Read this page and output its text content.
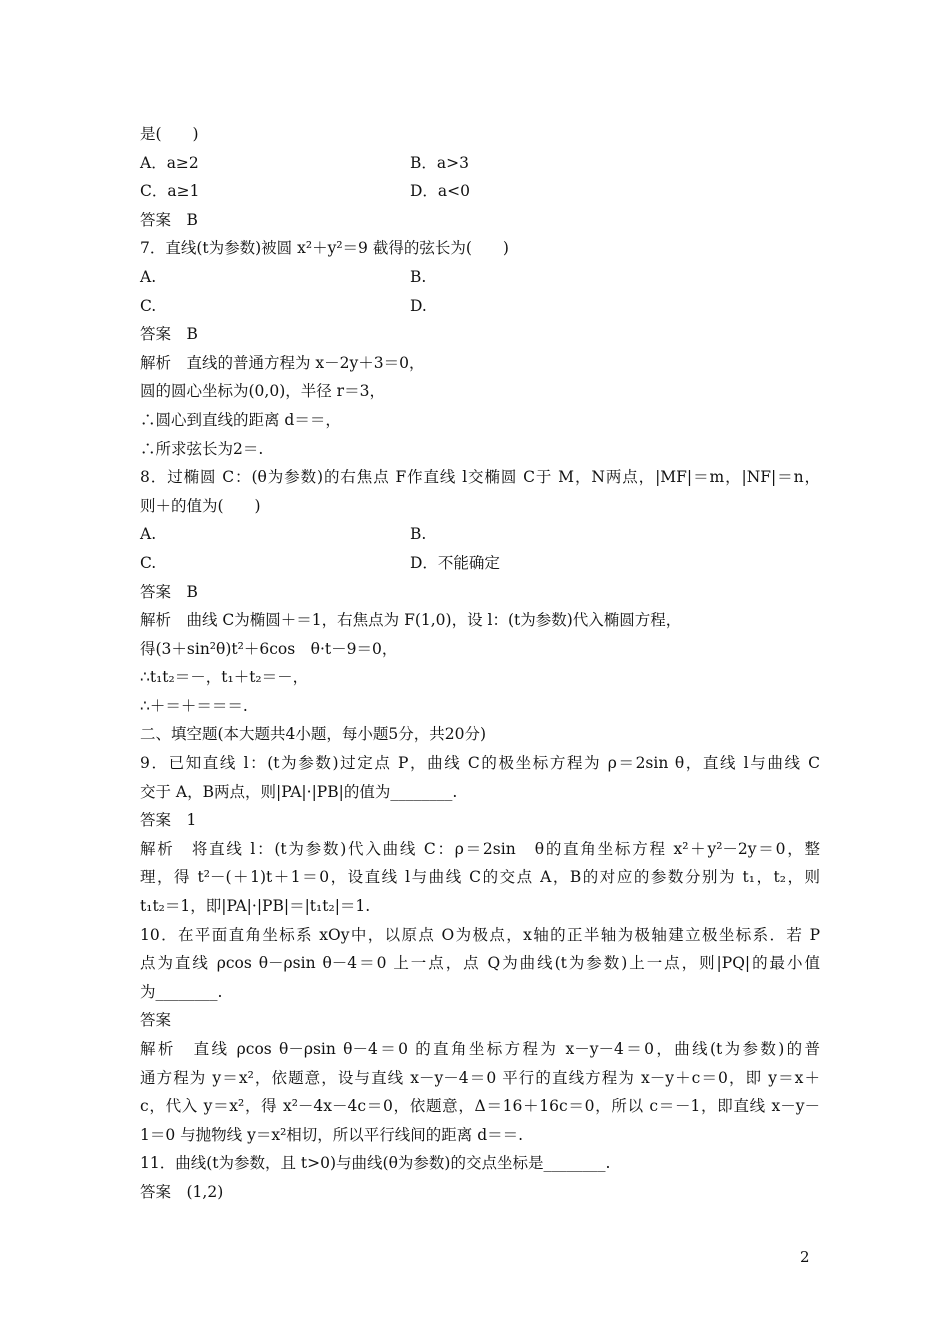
是(　　)
A．a≥2	B．a>3
C．a≥1	D．a<0
答案　B
7．直线(t为参数)被圆 x²＋y²＝9 截得的弦长为(　　)
A.	B.
C.	D.
答案　B
解析　直线的普通方程为 x－2y＋3＝0，
圆的圆心坐标为(0,0)，半径 r＝3，
∴圆心到直线的距离 d＝＝，
∴所求弦长为2＝.
8．过椭圆 C：(θ为参数)的右焦点 F作直线 l交椭圆 C于 M，N两点，|MF|＝m，|NF|＝n，
则＋的值为(　　)
A.	B.
C.	D．不能确定
答案　B
解析　曲线 C为椭圆＋＝1，右焦点为 F(1,0)，设 l：(t为参数)代入椭圆方程，
得(3＋sin²θ)t²＋6cos　θ·t－9＝0，
∴t₁t₂＝－，t₁＋t₂＝－，
∴＋＝＋＝＝＝.
二、填空题(本大题共4小题，每小题5分，共20分)
9．已知直线 l：(t为参数)过定点 P，曲线 C的极坐标方程为 ρ＝2sin θ，直线 l与曲线 C
交于 A，B两点，则|PA|·|PB|的值为________.
答案　1
解析　将直线 l：(t为参数)代入曲线 C：ρ＝2sin　θ的直角坐标方程 x²＋y²－2y＝0，整
理，得 t²－(＋1)t＋1＝0，设直线 l与曲线 C的交点 A，B的对应的参数分别为 t₁，t₂，则
t₁t₂＝1，即|PA|·|PB|＝|t₁t₂|＝1.
10．在平面直角坐标系 xOy中，以原点 O为极点，x轴的正半轴为极轴建立极坐标系．若 P
点为直线 ρcos θ－ρsin θ－4＝0 上一点，点 Q为曲线(t为参数)上一点，则|PQ|的最小值
为________.
答案
解析　直线 ρcos θ－ρsin θ－4＝0 的直角坐标方程为 x－y－4＝0，曲线(t为参数)的普
通方程为 y＝x²，依题意，设与直线 x－y－4＝0 平行的直线方程为 x－y＋c＝0，即 y＝x＋
c，代入 y＝x²，得 x²－4x－4c＝0，依题意，Δ＝16＋16c＝0，所以 c＝－1，即直线 x－y－
1＝0 与抛物线 y＝x²相切，所以平行线间的距离 d＝＝.
11．曲线(t为参数，且 t>0)与曲线(θ为参数)的交点坐标是________.
答案　(1,2)
2
